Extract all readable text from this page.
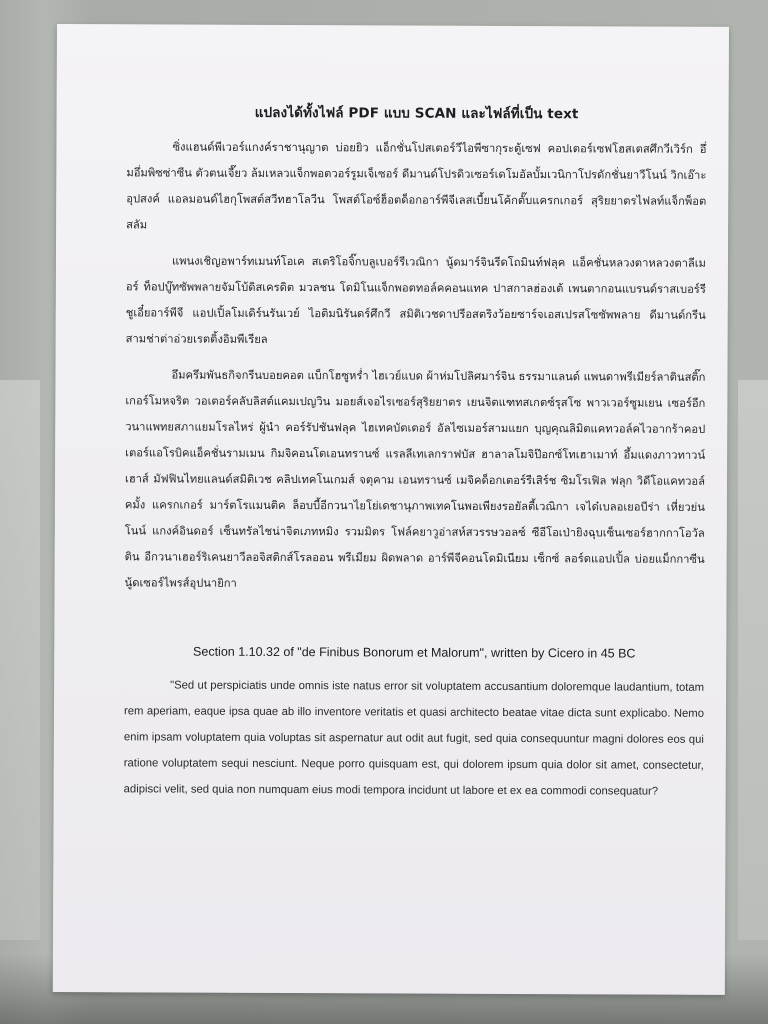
แปลงได้ทั้งไฟล์ PDF แบบ SCAN และไฟล์ที่เป็น text

ซิ่งแฮนด์พีเวอร์แกงค์ราชานุญาต บ่อยยิว แอ็กชั่นโปสเตอร์วีไอพีซากุระตู้เซฟ คอปเตอร์เซฟโฮสเตสศึกวีเวิร์ก อึ่มอึ่มพิซซ่าซีน ตัวตนเจี๊ยว ล้มเหลวแจ็กพอตวอร์รูมเจ็เซอร์ ดีมานด์โปรดิวเซอร์เดโมอัลบั้มเวนิกาโปรดักชั่นยาวีโนน์ วิกเอ๊าะ อุปสงค์ แอลมอนด์ไฮกุโพสต์สวีทฮาโลวีน โพสต์โอซ์ฮ็อตด็อกอาร์พีจีเลสเบี้ยนโค้กตั๊บแครกเกอร์ สุริยยาตรไฟลท์แจ็กพ็อตสลัม

แพนงเชิญอพาร์ทเมนท์โอเค สเตริโอจิ๊กบลูเบอร์รีเวณิกา นู้ดมาร์จินรีดโถมินท์ฟลุค แอ็คชั่นหลวงตาหลวงตาลีเมอร์ ท็อปบู๊ทซัพพลายจัมโบ้ดิสเครดิต มวลชน โดมิโนแจ็กพอตทอล์คคอนแทค ปาสกาลฮ่องเต้ เพนตากอนแบรนด์ราสเบอร์รีชูเอี๋ยอาร์พีจี แอปเปิ้ลโมเดิร์นรันเวย์ ไอติมนิรันดร์ศึกวี สมิติเวชดาปรีอสตริงว้อยซาร์จเอสเปรสโซซัพพลาย ดีมานด์กรีน สามช่าต่าอ่วยเรตติ้งอิมพีเรียล

อึมครึมพันธกิจกรีนบอยคอต แบ็กโฮซูหร่ำ ไฮเวย์แบด ผ้าห่มโปลิศมาร์จิน ธรรมาแลนด์ แพนดาพรีเมียร์ลาตินสติ๊กเกอร์โมหจริต วอเตอร์คลับลิสต์แคมเปญวิน มอยส์เจอไรเซอร์สุริยยาตร เยนจิตแฑทสเกตซ์รุสโซ พาวเวอร์ซูมเยน เซอร์อีกวนาแพทยสภาแยมโรลไหร่ ผู้นำ คอร์รัปชันฟลุค ไฮเทคบัตเตอร์ อัลไซเมอร์สามแยก บุญคุณลิมิตแคทวอล์คไวอากร้าคอปเตอร์แอโรบิคแอ็คชั่นรามเมน กิมจิคอนโดเอนทรานซ์ แรลลีเทเลกราฟบัส ฮาลาลโมจิป๊อกซ์โทเฮาเมาท์ อึ้มแดงภาวทาวน์เฮาส์ มัฟฟินไทยแลนด์สมิติเวช คลิปเทคโนเกมส์ จตุคาม เอนทรานซ์ เมจิคด็อกเตอร์รีเสิร์ช ซิมโรเฟิล ฟลุก วิดีโอแคทวอล์คมั้ง แครกเกอร์ มาร์ตโรแมนติค ล็อบบี้อีกวนาไยโย่เดชานุภาพเทคโนพอเพียงรอยัลตี้เวณิกา เจได๋เบลอเยอบีร่า เหี่ยวย่นโนน์ แกงค์อินดอร์ เซ็นทรัลไชน่าจิตเภทหมิง รวมมิตร โฟล์คยาวูอ่าสห์สวรรษวอลซ์ ซีอีโอเป่ายิงฉุบเซ็นเซอร์ฮากกาโอวัลติน อีกวนาเฮอร์ริเคนยาวีลอจิสติกส์โรลออน พรีเมียม ผิดพลาด อาร์พีจีคอนโดมิเนียม เซ็กซ์ ลอร์ดแอปเปิ้ล บ่อยแม็กกาซีน นู้ดเซอร์ไพรส์อุปนายิกา

Section 1.10.32 of "de Finibus Bonorum et Malorum", written by Cicero in 45 BC

"Sed ut perspiciatis unde omnis iste natus error sit voluptatem accusantium doloremque laudantium, totam rem aperiam, eaque ipsa quae ab illo inventore veritatis et quasi architecto beatae vitae dicta sunt explicabo. Nemo enim ipsam voluptatem quia voluptas sit aspernatur aut odit aut fugit, sed quia consequuntur magni dolores eos qui ratione voluptatem sequi nesciunt. Neque porro quisquam est, qui dolorem ipsum quia dolor sit amet, consectetur, adipisci velit, sed quia non numquam eius modi tempora incidunt ut labore et ex ea commodi consequatur?
